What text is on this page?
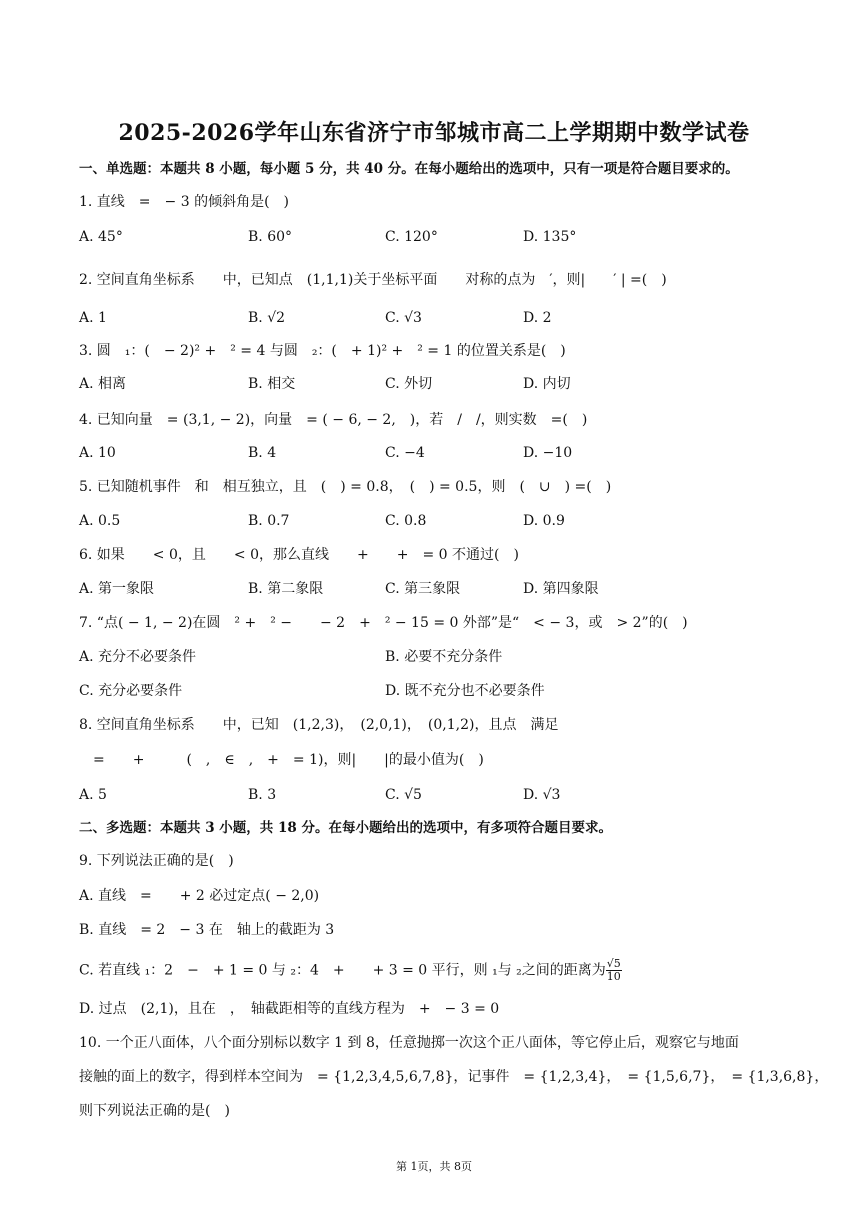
2025-2026学年山东省济宁市邹城市高二上学期期中数学试卷
一、单选题：本题共 8 小题，每小题 5 分，共 40 分。在每小题给出的选项中，只有一项是符合题目要求的。
1. 直线　=　− 3 的倾斜角是(　)
A. 45°	B. 60°	C. 120°	D. 135°
2. 空间直角坐标系　　中，已知点　(1,1,1)关于坐标平面　　对称的点为　′，则|　　′ | =(　)
A. 1	B. √2	C. √3	D. 2
3. 圆　₁：(　− 2)² +　² = 4 与圆　₂：(　+ 1)² +　² = 1 的位置关系是(　)
A. 相离	B. 相交	C. 外切	D. 内切
4. 已知向量　= (3,1, − 2)，向量　= ( − 6, − 2,　)，若　/　/，则实数　=(　)
A. 10	B. 4	C. −4	D. −10
5. 已知随机事件　和　相互独立，且　(　) = 0.8，　(　) = 0.5，则　(　∪　) =(　)
A. 0.5	B. 0.7	C. 0.8	D. 0.9
6. 如果　　< 0，且　　< 0，那么直线　　+　　+　= 0 不通过(　)
A. 第一象限	B. 第二象限	C. 第三象限	D. 第四象限
7. “点( − 1, − 2)在圆　² +　² −　　− 2　+　² − 15 = 0 外部”是“　< − 3，或　> 2”的(　)
A. 充分不必要条件	B. 必要不充分条件
C. 充分必要条件	D. 既不充分也不必要条件
8. 空间直角坐标系　　中，已知　(1,2,3)，　(2,0,1)，　(0,1,2)，且点　满足
　=　　+　　　(　,　∈　,　+　= 1)，则|　　|的最小值为(　)
A. 5	B. 3	C. √5	D. √3
二、多选题：本题共 3 小题，共 18 分。在每小题给出的选项中，有多项符合题目要求。
9. 下列说法正确的是(　)
A. 直线　=　　+ 2 必过定点( − 2,0)
B. 直线　= 2　− 3 在　轴上的截距为 3
C. 若直线 ₁：2　−　+ 1 = 0 与 ₂：4　+　　+ 3 = 0 平行，则 ₁与 ₂之间的距离为 $\frac{√5}{10}$
D. 过点　(2,1)，且在　，　轴截距相等的直线方程为　+　− 3 = 0
10. 一个正八面体，八个面分别标以数字 1 到 8，任意抛掷一次这个正八面体，等它停止后，观察它与地面
接触的面上的数字，得到样本空间为　= {1,2,3,4,5,6,7,8}，记事件　= {1,2,3,4}，　= {1,5,6,7}，　= {1,3,6,8}，
则下列说法正确的是(　)
第 1页，共 8页
